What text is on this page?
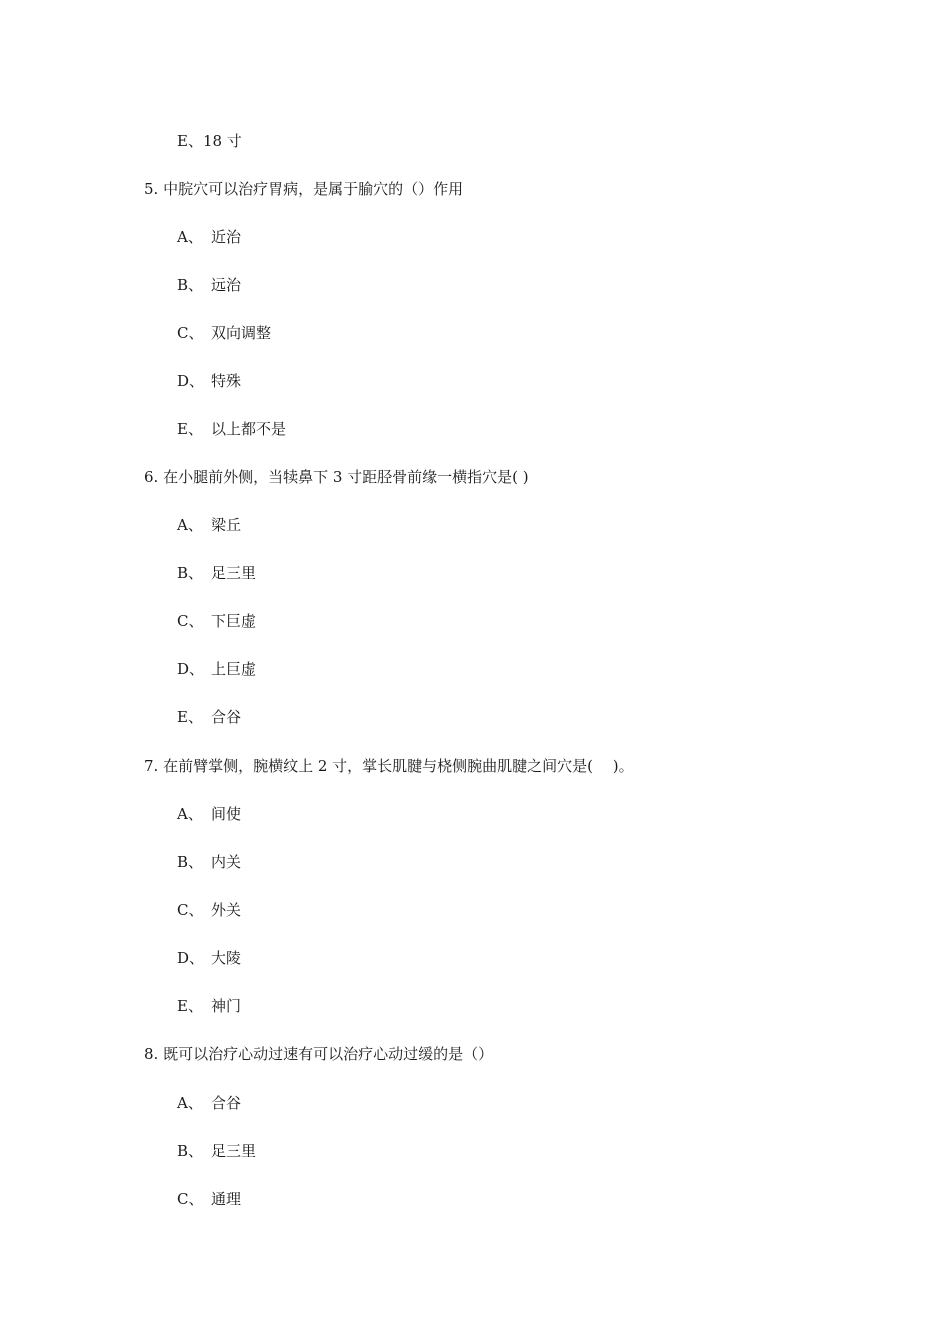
E、18 寸
5. 中脘穴可以治疗胃病，是属于腧穴的（）作用
A、 近治
B、 远治
C、 双向调整
D、 特殊
E、 以上都不是
6. 在小腿前外侧，当犊鼻下 3 寸距胫骨前缘一横指穴是( )
A、 梁丘
B、 足三里
C、 下巨虚
D、 上巨虚
E、 合谷
7. 在前臂掌侧，腕横纹上 2 寸，掌长肌腱与桡侧腕曲肌腱之间穴是(　 )。
A、 间使
B、 内关
C、 外关
D、 大陵
E、 神门
8. 既可以治疗心动过速有可以治疗心动过缓的是（）
A、 合谷
B、 足三里
C、 通理
